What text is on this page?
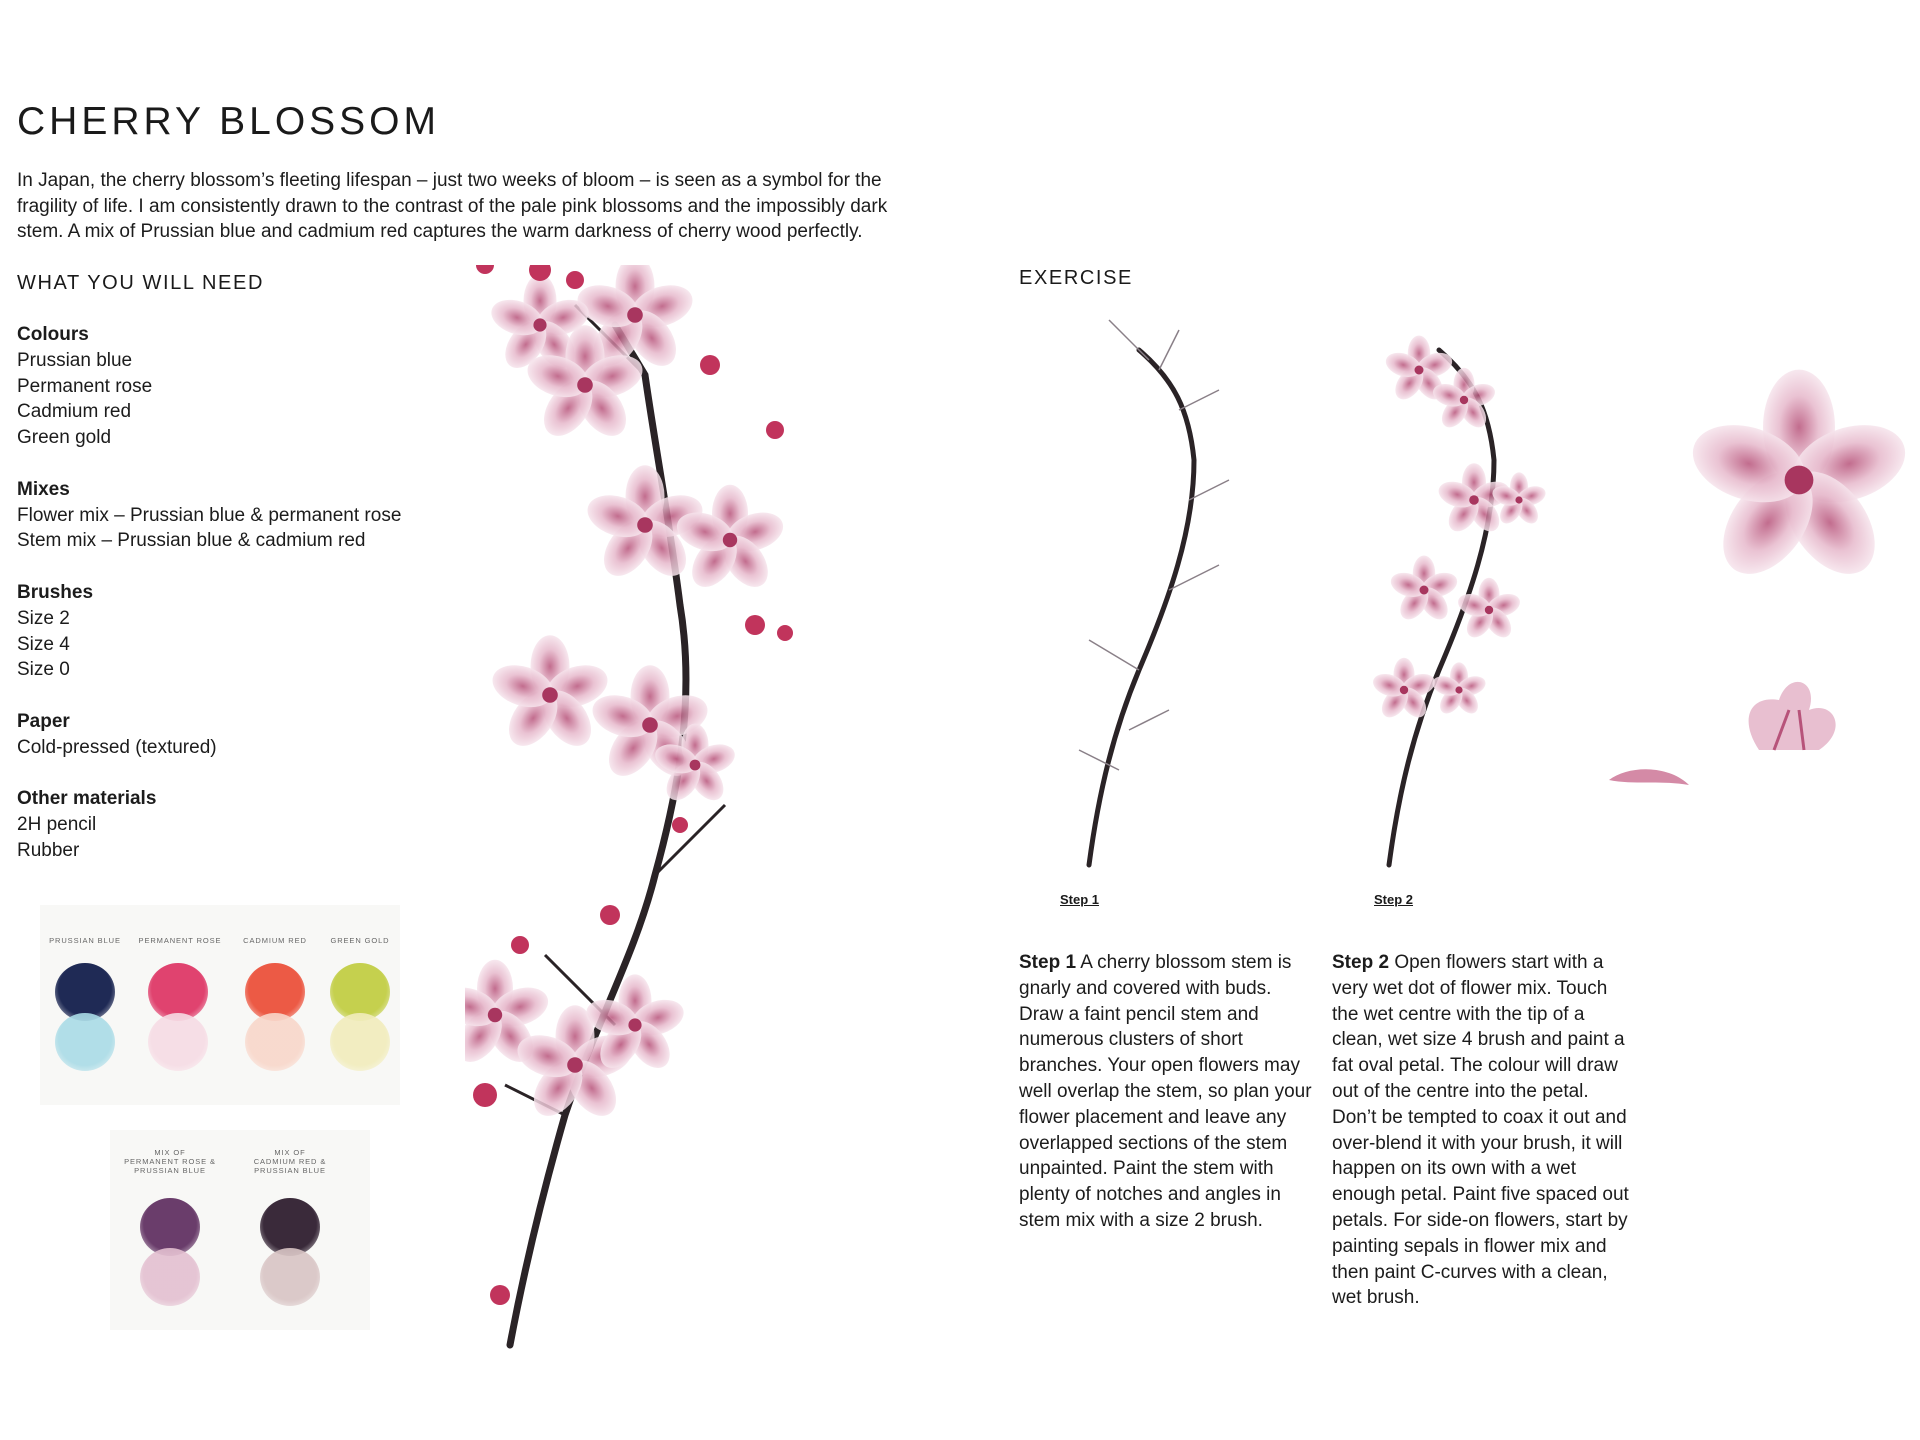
CHERRY BLOSSOM

In Japan, the cherry blossom’s fleeting lifespan – just two weeks of bloom – is seen as a symbol for the fragility of life. I am consistently drawn to the contrast of the pale pink blossoms and the impossibly dark stem. A mix of Prussian blue and cadmium red captures the warm darkness of cherry wood perfectly.

WHAT YOU WILL NEED
Colours
Prussian blue
Permanent rose
Cadmium red
Green gold
Mixes
Flower mix – Prussian blue & permanent rose
Stem mix – Prussian blue & cadmium red
Brushes
Size 2
Size 4
Size 0
Paper
Cold-pressed (textured)
Other materials
2H pencil
Rubber
PRUSSIAN BLUE	PERMANENT ROSE	CADMIUM RED	GREEN GOLD
MIX OF
PERMANENT ROSE &
PRUSSIAN BLUE
MIX OF
CADMIUM RED &
PRUSSIAN BLUE
EXERCISE
Step 1	Step 2
Step 1 A cherry blossom stem is gnarly and covered with buds. Draw a faint pencil stem and numerous clusters of short branches. Your open flowers may well overlap the stem, so plan your flower placement and leave any overlapped sections of the stem unpainted. Paint the stem with plenty of notches and angles in stem mix with a size 2 brush.
Step 2 Open flowers start with a very wet dot of flower mix. Touch the wet centre with the tip of a clean, wet size 4 brush and paint a fat oval petal. The colour will draw out of the centre into the petal. Don’t be tempted to coax it out and over-blend it with your brush, it will happen on its own with a wet enough petal. Paint five spaced out petals. For side-on flowers, start by painting sepals in flower mix and then paint C-curves with a clean, wet brush.
